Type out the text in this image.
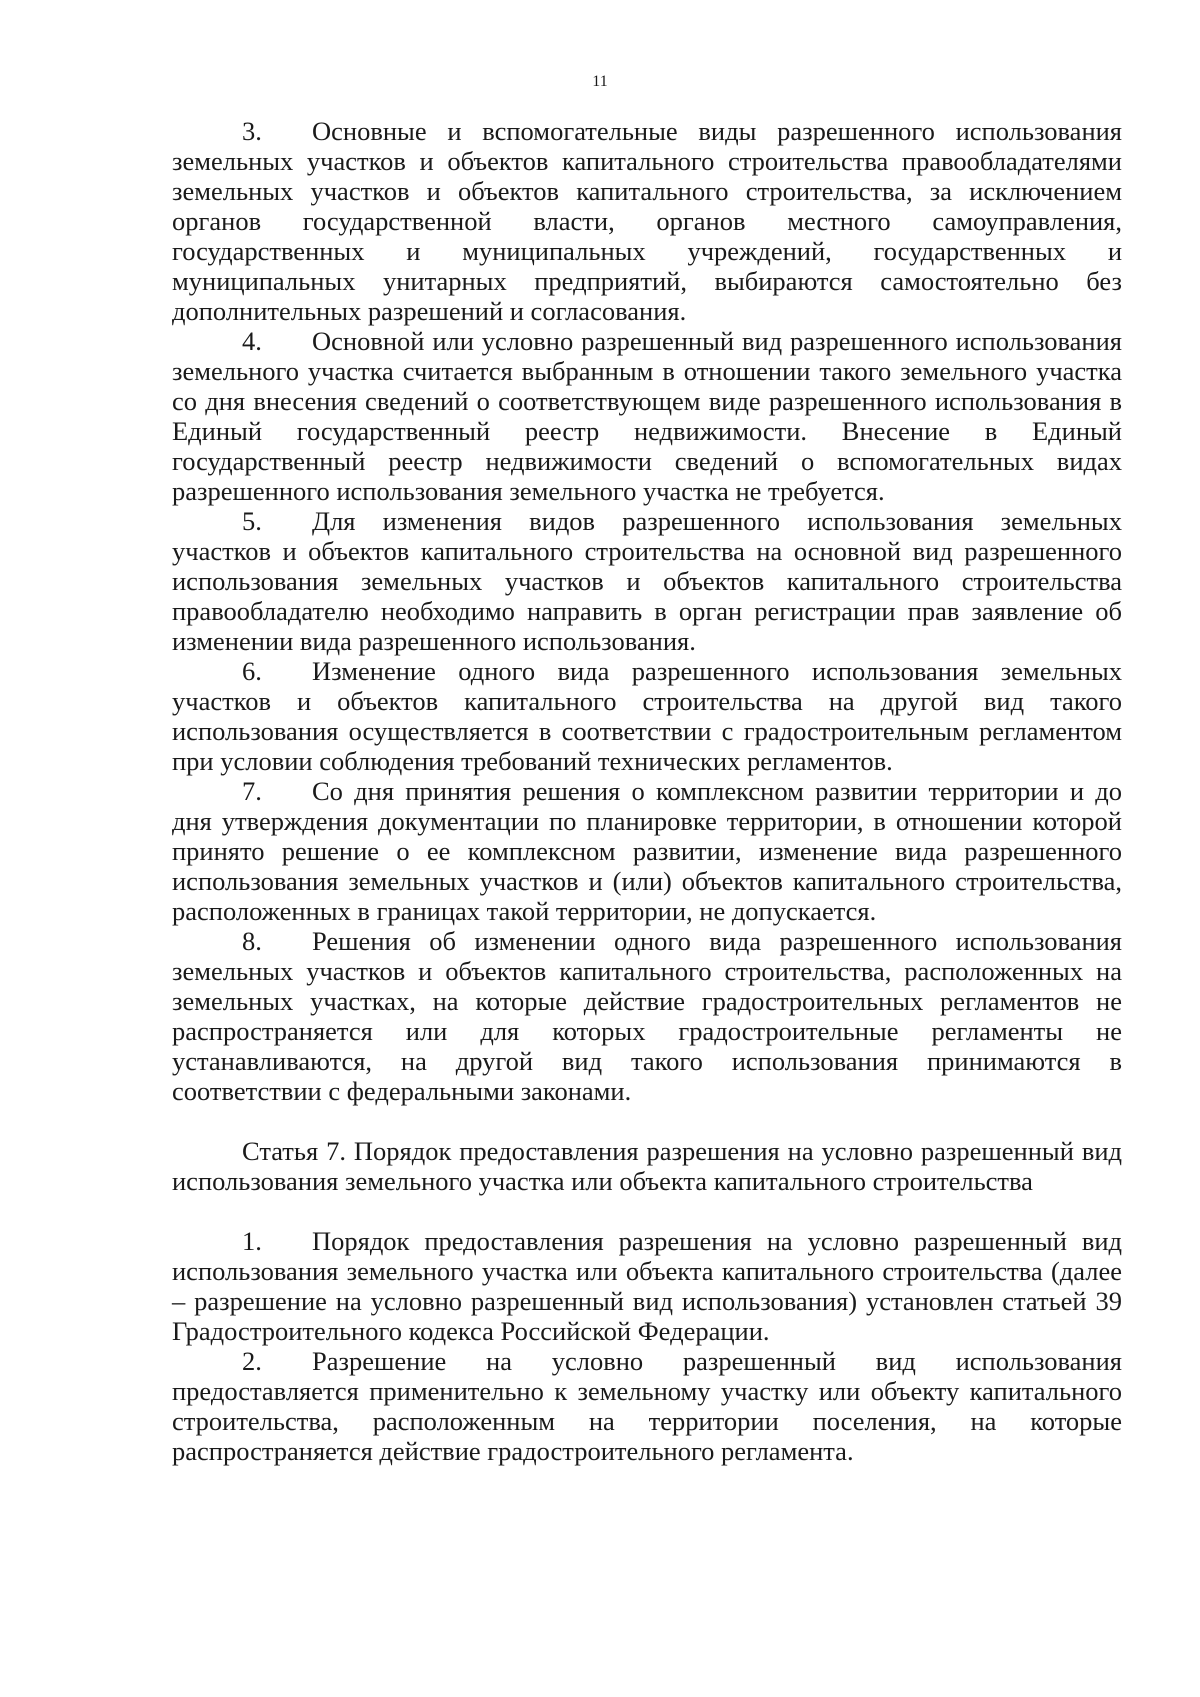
11

3. Основные и вспомогательные виды разрешенного использования земельных участков и объектов капитального строительства правообладателями земельных участков и объектов капитального строительства, за исключением органов государственной власти, органов местного самоуправления, государственных и муниципальных учреждений, государственных и муниципальных унитарных предприятий, выбираются самостоятельно без дополнительных разрешений и согласования.

4. Основной или условно разрешенный вид разрешенного использования земельного участка считается выбранным в отношении такого земельного участка со дня внесения сведений о соответствующем виде разрешенного использования в Единый государственный реестр недвижимости. Внесение в Единый государственный реестр недвижимости сведений о вспомогательных видах разрешенного использования земельного участка не требуется.

5. Для изменения видов разрешенного использования земельных участков и объектов капитального строительства на основной вид разрешенного использования земельных участков и объектов капитального строительства правообладателю необходимо направить в орган регистрации прав заявление об изменении вида разрешенного использования.

6. Изменение одного вида разрешенного использования земельных участков и объектов капитального строительства на другой вид такого использования осуществляется в соответствии с градостроительным регламентом при условии соблюдения требований технических регламентов.

7. Со дня принятия решения о комплексном развитии территории и до дня утверждения документации по планировке территории, в отношении которой принято решение о ее комплексном развитии, изменение вида разрешенного использования земельных участков и (или) объектов капитального строительства, расположенных в границах такой территории, не допускается.

8. Решения об изменении одного вида разрешенного использования земельных участков и объектов капитального строительства, расположенных на земельных участках, на которые действие градостроительных регламентов не распространяется или для которых градостроительные регламенты не устанавливаются, на другой вид такого использования принимаются в соответствии с федеральными законами.

Статья 7. Порядок предоставления разрешения на условно разрешенный вид использования земельного участка или объекта капитального строительства

1. Порядок предоставления разрешения на условно разрешенный вид использования земельного участка или объекта капитального строительства (далее – разрешение на условно разрешенный вид использования) установлен статьей 39 Градостроительного кодекса Российской Федерации.

2. Разрешение на условно разрешенный вид использования предоставляется применительно к земельному участку или объекту капитального строительства, расположенным на территории поселения, на которые распространяется действие градостроительного регламента.
